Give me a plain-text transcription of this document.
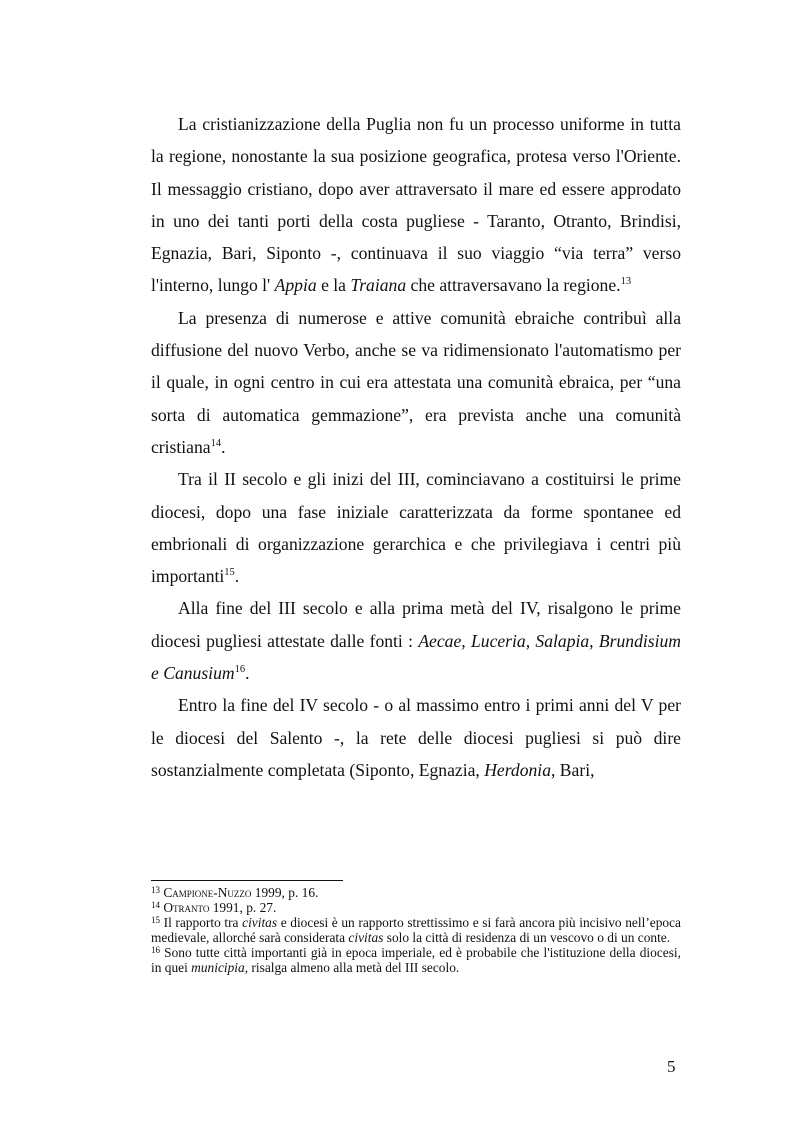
La cristianizzazione della Puglia non fu un processo uniforme in tutta la regione, nonostante la sua posizione geografica, protesa verso l'Oriente. Il messaggio cristiano, dopo aver attraversato il mare ed essere approdato in uno dei tanti porti della costa pugliese - Taranto, Otranto, Brindisi, Egnazia, Bari, Siponto -, continuava il suo viaggio “via terra” verso l'interno, lungo l' Appia e la Traiana che attraversavano la regione.$^{13}$

La presenza di numerose e attive comunità ebraiche contribuì alla diffusione del nuovo Verbo, anche se va ridimensionato l'automatismo per il quale, in ogni centro in cui era attestata una comunità ebraica, per “una sorta di automatica gemmazione”, era prevista anche una comunità cristiana$^{14}$.

Tra il II secolo e gli inizi del III, cominciavano a costituirsi le prime diocesi, dopo una fase iniziale caratterizzata da forme spontanee ed embrionali di organizzazione gerarchica e che privilegiava i centri più importanti$^{15}$.

Alla fine del III secolo e alla prima metà del IV, risalgono le prime diocesi pugliesi attestate dalle fonti : Aecae, Luceria, Salapia, Brundisium e Canusium$^{16}$.

Entro la fine del IV secolo - o al massimo entro i primi anni del V per le diocesi del Salento -, la rete delle diocesi pugliesi si può dire sostanzialmente completata (Siponto, Egnazia, Herdonia, Bari,

$^{13}$ Campione-Nuzzo 1999, p. 16.

$^{14}$ Otranto 1991, p. 27.

$^{15}$ Il rapporto tra civitas e diocesi è un rapporto strettissimo e si farà ancora più incisivo nell’epoca medievale, allorché sarà considerata civitas solo la città di residenza di un vescovo o di un conte.

$^{16}$ Sono tutte città importanti già in epoca imperiale, ed è probabile che l'istituzione della diocesi, in quei municipia, risalga almeno alla metà del III secolo.

5
